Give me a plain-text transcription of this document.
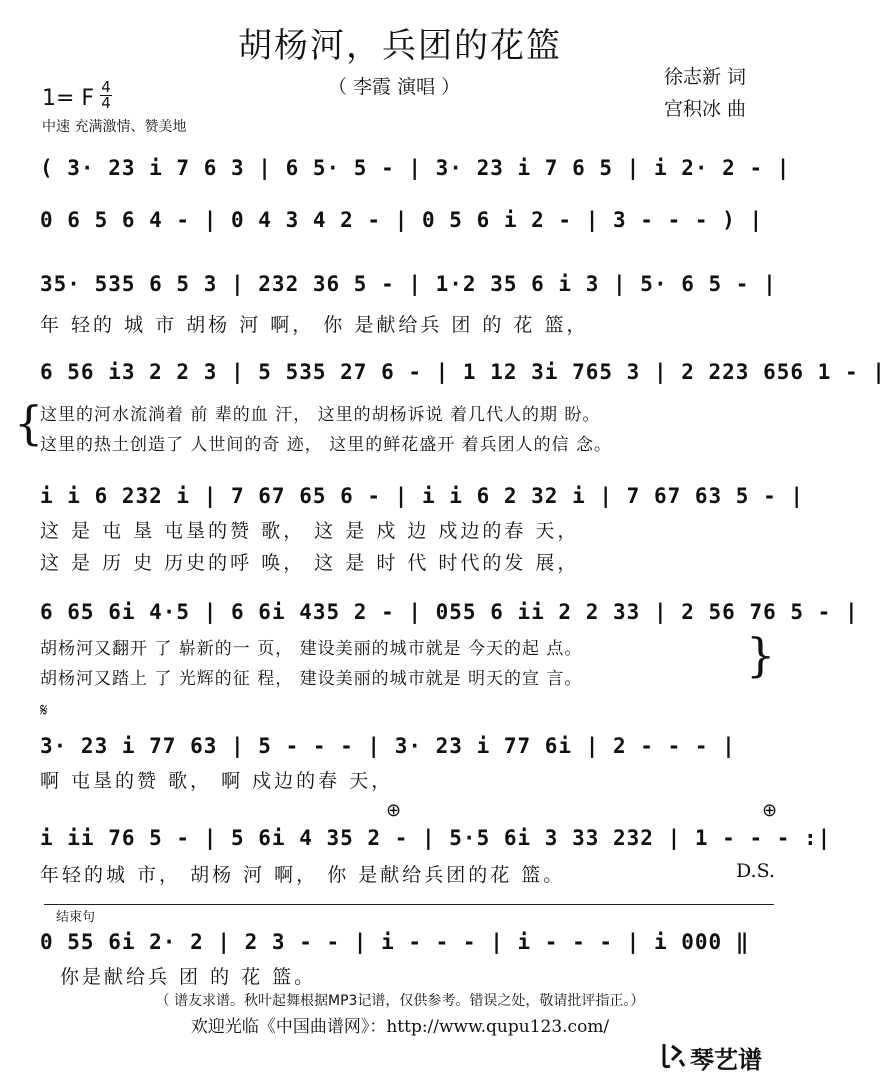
胡杨河，兵团的花篮
（ 李霞 演唱 ）	徐志新 词
宫积冰 曲
1= F 4
4
中速 充满激情、赞美地
( 3· 23 i 7 6 3 | 6 5· 5 - | 3· 23 i 7 6 5 | i 2· 2 - |
0 6 5 6 4 - | 0 4 3 4 2 - | 0 5 6 i 2 - | 3 - - - ) |
35· 535 6 5 3 | 232 36 5 - | 1·2 35 6 i 3 | 5· 6 5 - |
年 轻的 城 市 胡杨 河 啊， 你 是献给兵 团 的 花 篮，
6 56 i3 2 2 3 | 5 535 27 6 - | 1 12 3i 765 3 | 2 223 656 1 - |
{
这里的河水流淌着 前 辈的血 汗， 这里的胡杨诉说 着几代人的期 盼。
这里的热土创造了 人世间的奇 迹， 这里的鲜花盛开 着兵团人的信 念。
i i 6 232 i | 7 67 65 6 - | i i 6 2 32 i | 7 67 63 5 - |
这 是 屯 垦 屯垦的赞 歌， 这 是 戍 边 戍边的春 天，
这 是 历 史 历史的呼 唤， 这 是 时 代 时代的发 展，
6 65 6i 4·5 | 6 6i 435 2 - | 055 6 ii 2 2 33 | 2 56 76 5 - |
胡杨河又翻开 了 崭新的一 页， 建设美丽的城市就是 今天的起 点。
胡杨河又踏上 了 光辉的征 程， 建设美丽的城市就是 明天的宣 言。	}
𝄋
3· 23 i 77 63 | 5 - - - | 3· 23 i 77 6i | 2 - - - |
啊 屯垦的赞 歌， 啊 戍边的春 天，
⊕	⊕
i ii 76 5 - | 5 6i 4 35 2 - | 5·5 6i 3 33 232 | 1 - - - :|
年轻的城 市， 胡杨 河 啊， 你 是献给兵团的花 篮。	D.S.
结束句
0 55 6i 2· 2 | 2 3 - - | i - - - | i - - - | i 000 ‖
你是献给兵 团 的 花 篮。
（ 谱友求谱。秋叶起舞根据MP3记谱，仅供参考。错误之处，敬请批评指正。）
欢迎光临《中国曲谱网》：http://www.qupu123.com/
琴艺谱
